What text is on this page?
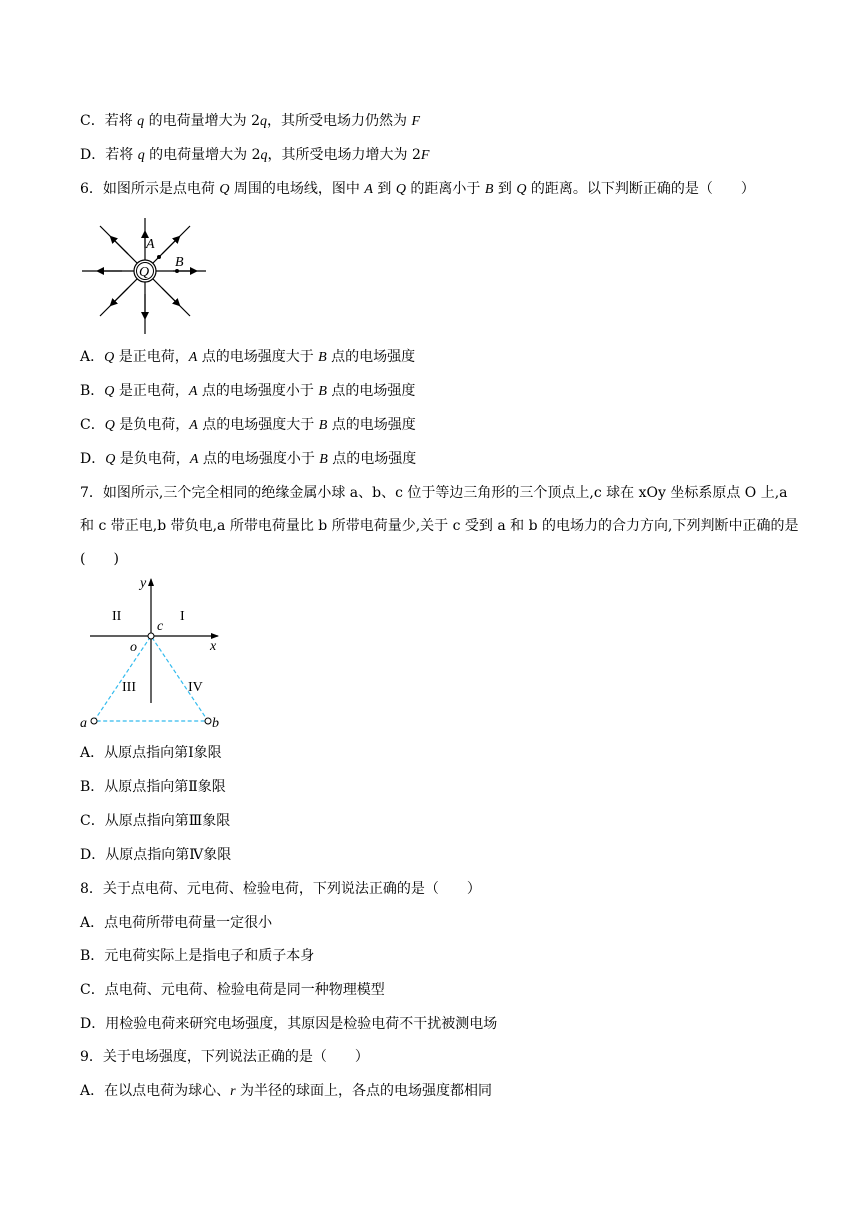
C．若将 q 的电荷量增大为 2q，其所受电场力仍然为 F
D．若将 q 的电荷量增大为 2q，其所受电场力增大为 2F
6．如图所示是点电荷 Q 周围的电场线，图中 A 到 Q 的距离小于 B 到 Q 的距离。以下判断正确的是（　　）
Q
A
B
A．Q 是正电荷，A 点的电场强度大于 B 点的电场强度
B．Q 是正电荷，A 点的电场强度小于 B 点的电场强度
C．Q 是负电荷，A 点的电场强度大于 B 点的电场强度
D．Q 是负电荷，A 点的电场强度小于 B 点的电场强度
7．如图所示,三个完全相同的绝缘金属小球 a、b、c 位于等边三角形的三个顶点上,c 球在 xOy 坐标系原点 O 上,a 和 c 带正电,b 带负电,a 所带电荷量比 b 所带电荷量少,关于 c 受到 a 和 b 的电场力的合力方向,下列判断中正确的是(　　)
y
x
o
c
a	b
II	I
III	IV
A．从原点指向第Ⅰ象限
B．从原点指向第Ⅱ象限
C．从原点指向第Ⅲ象限
D．从原点指向第Ⅳ象限
8．关于点电荷、元电荷、检验电荷，下列说法正确的是（　　）
A．点电荷所带电荷量一定很小
B．元电荷实际上是指电子和质子本身
C．点电荷、元电荷、检验电荷是同一种物理模型
D．用检验电荷来研究电场强度，其原因是检验电荷不干扰被测电场
9．关于电场强度，下列说法正确的是（　　）
A．在以点电荷为球心、r 为半径的球面上，各点的电场强度都相同
